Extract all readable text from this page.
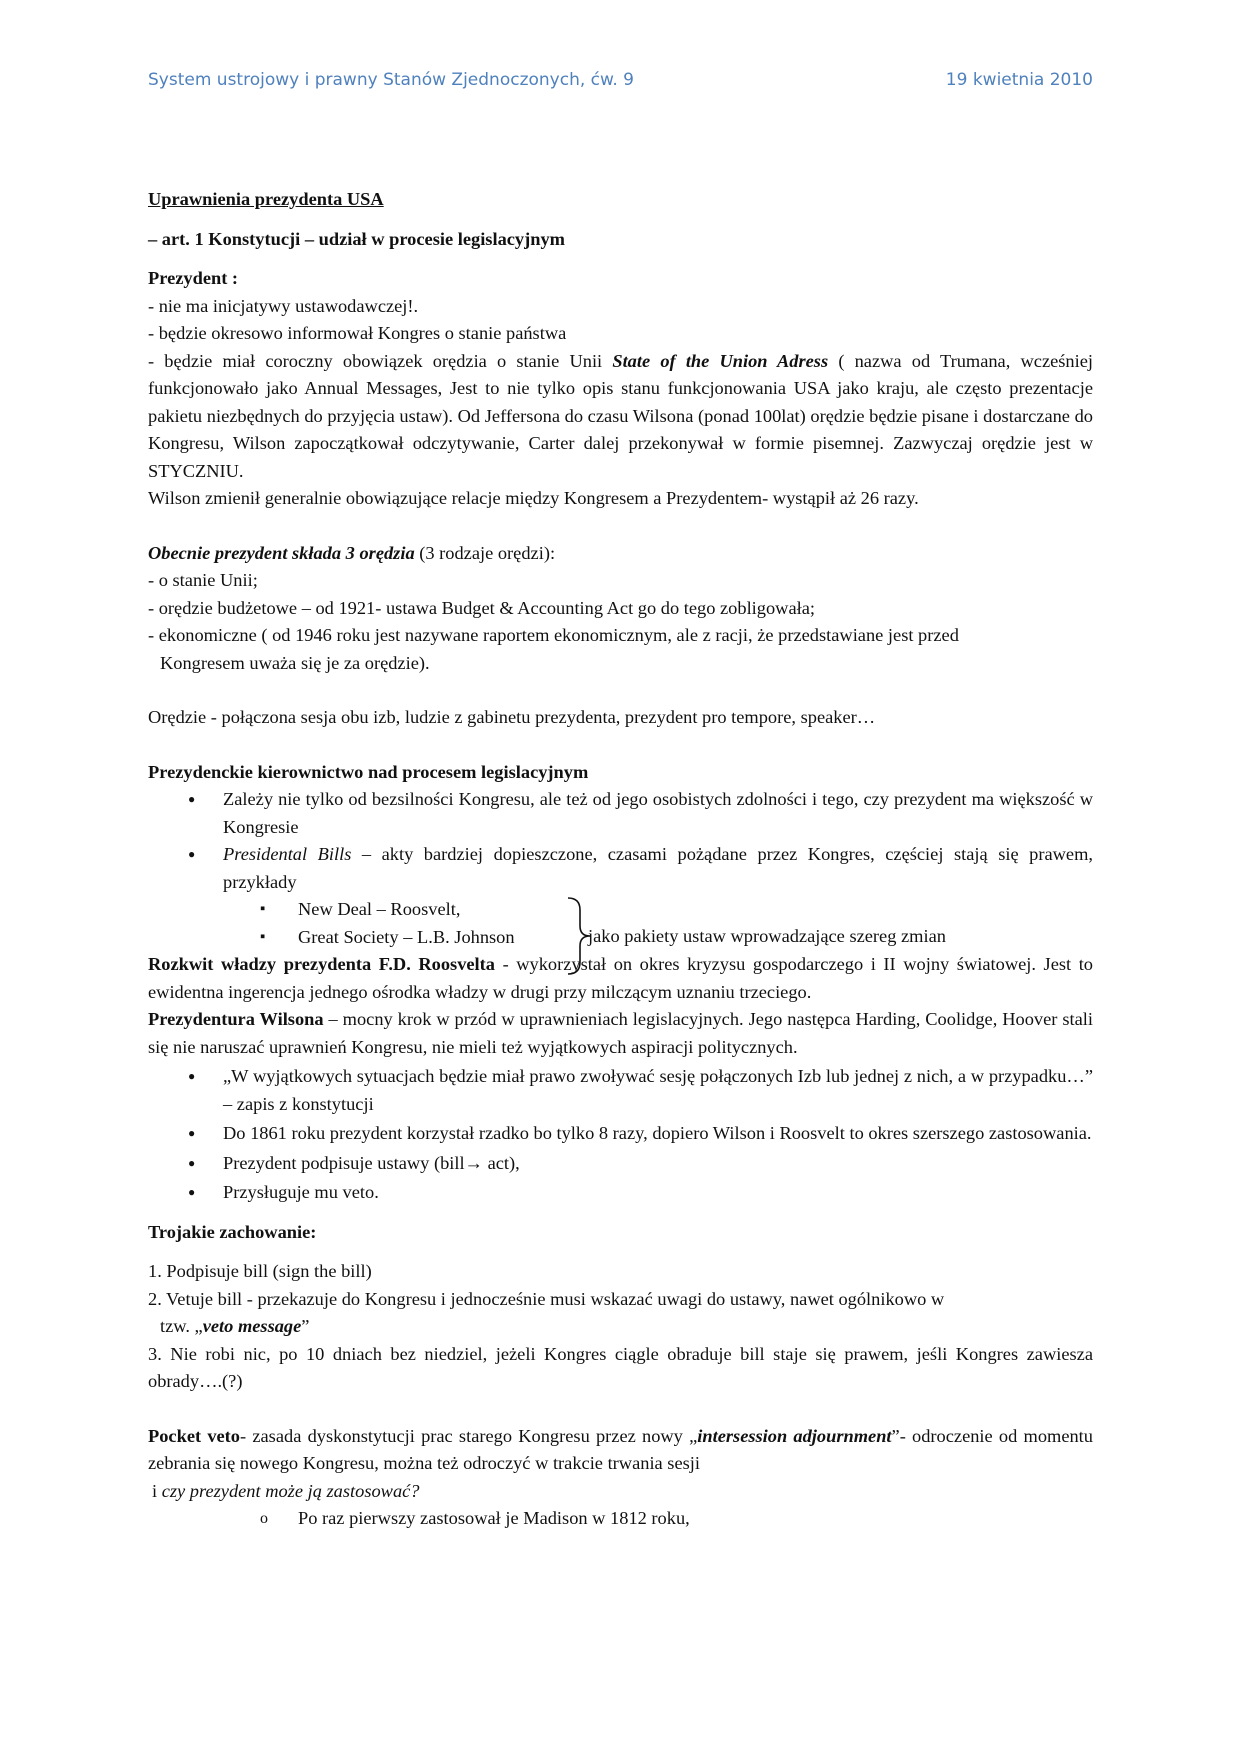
System ustrojowy i prawny Stanów Zjednoczonych, ćw. 9	19 kwietnia 2010

Uprawnienia prezydenta USA

– art. 1 Konstytucji – udział w procesie legislacyjnym

Prezydent :

- nie ma inicjatywy ustawodawczej!.

- będzie okresowo informował Kongres o stanie państwa

- będzie miał coroczny obowiązek orędzia o stanie Unii State of the Union Adress ( nazwa od Trumana, wcześniej funkcjonowało jako Annual Messages, Jest to nie tylko opis stanu funkcjonowania USA jako kraju, ale często prezentacje pakietu niezbędnych do przyjęcia ustaw). Od Jeffersona do czasu Wilsona (ponad 100lat) orędzie będzie pisane i dostarczane do Kongresu, Wilson zapoczątkował odczytywanie, Carter dalej przekonywał w formie pisemnej. Zazwyczaj orędzie jest w STYCZNIU.

Wilson zmienił generalnie obowiązujące relacje między Kongresem a Prezydentem- wystąpił aż 26 razy.

Obecnie prezydent składa 3 orędzia (3 rodzaje orędzi):

- o stanie Unii;

- orędzie budżetowe – od 1921- ustawa Budget & Accounting Act go do tego zobligowała;

- ekonomiczne ( od 1946 roku jest nazywane raportem ekonomicznym, ale z racji, że przedstawiane jest przed

Kongresem uważa się je za orędzie).

Orędzie - połączona sesja obu izb, ludzie z gabinetu prezydenta, prezydent pro tempore, speaker…

Prezydenckie kierownictwo nad procesem legislacyjnym

● Zależy nie tylko od bezsilności Kongresu, ale też od jego osobistych zdolności i tego, czy prezydent ma większość w Kongresie

● Presidental Bills – akty bardziej dopieszczone, czasami pożądane przez Kongres, częściej stają się prawem, przykłady

▪ New Deal – Roosvelt,

▪ Great Society – L.B. Johnson	jako pakiety ustaw wprowadzające szereg zmian

Rozkwit władzy prezydenta F.D. Roosvelta - wykorzystał on okres kryzysu gospodarczego i II wojny światowej. Jest to ewidentna ingerencja jednego ośrodka władzy w drugi przy milczącym uznaniu trzeciego.

Prezydentura Wilsona – mocny krok w przód w uprawnieniach legislacyjnych. Jego następca Harding, Coolidge, Hoover stali się nie naruszać uprawnień Kongresu, nie mieli też wyjątkowych aspiracji politycznych.

● „W wyjątkowych sytuacjach będzie miał prawo zwoływać sesję połączonych Izb lub jednej z nich, a w przypadku…” – zapis z konstytucji

● Do 1861 roku prezydent korzystał rzadko bo tylko 8 razy, dopiero Wilson i Roosvelt to okres szerszego zastosowania.

● Prezydent podpisuje ustawy (bill→ act),

● Przysługuje mu veto.

Trojakie zachowanie:

1. Podpisuje bill (sign the bill)

2. Vetuje bill - przekazuje do Kongresu i jednocześnie musi wskazać uwagi do ustawy, nawet ogólnikowo w

tzw. „veto message”

3. Nie robi nic, po 10 dniach bez niedziel, jeżeli Kongres ciągle obraduje bill staje się prawem, jeśli Kongres zawiesza obrady….(?)

Pocket veto- zasada dyskonstytucji prac starego Kongresu przez nowy „intersession adjournment”- odroczenie od momentu zebrania się nowego Kongresu, można też odroczyć w trakcie trwania sesji

i czy prezydent może ją zastosować?

o Po raz pierwszy zastosował je Madison w 1812 roku,
